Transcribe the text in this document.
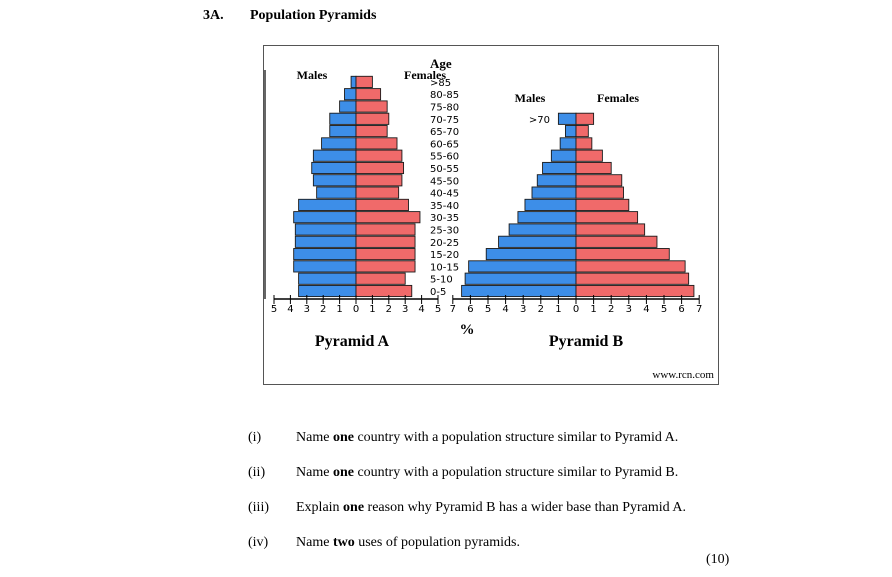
3A. Population Pyramids
5 4 3 2 1 0 1 2 3 4 5
Pyramid A
7 6 5 4 3 2 1 0 1 2 3 4 5 6 7
Pyramid B
Age
0-5
5-10
10-15
15-20
20-25
25-30
30-35
35-40
40-45
45-50
50-55
55-60
60-65
65-70
70-75
75-80
80-85
>85
Males	Females
Males	Females
>70
%
www.rcn.com
(i) Name one country with a population structure similar to Pyramid A.
(ii) Name one country with a population structure similar to Pyramid B.
(iii) Explain one reason why Pyramid B has a wider base than Pyramid A.
(iv) Name two uses of population pyramids.
(10)
